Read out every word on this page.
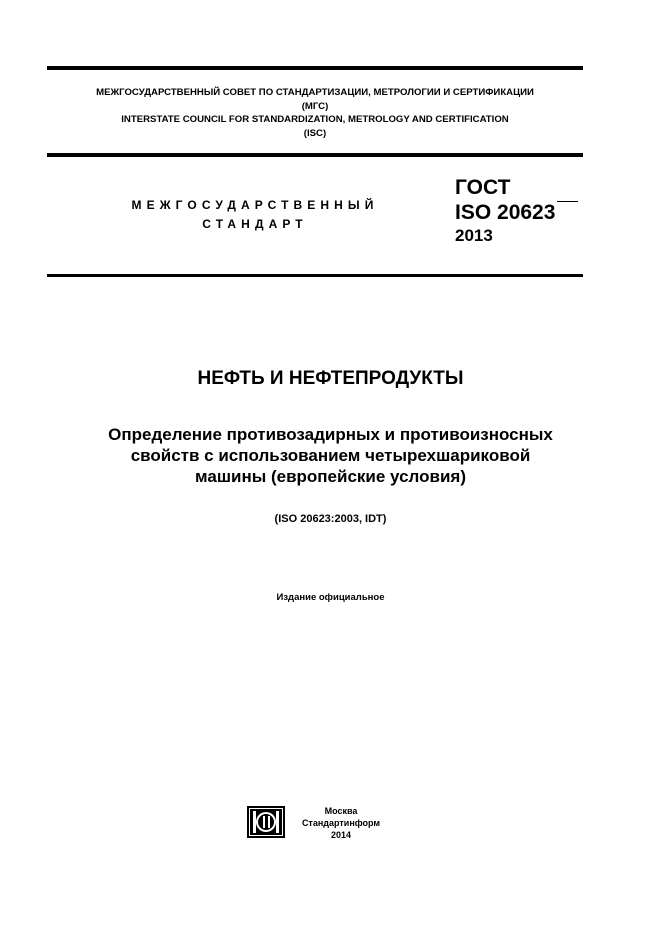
МЕЖГОСУДАРСТВЕННЫЙ СОВЕТ ПО СТАНДАРТИЗАЦИИ, МЕТРОЛОГИИ И СЕРТИФИКАЦИИ
(МГС)
INTERSTATE COUNCIL FOR STANDARDIZATION, METROLOGY AND CERTIFICATION
(ISC)
МЕЖГОСУДАРСТВЕННЫЙ
СТАНДАРТ
ГОСТ
ISO 20623
2013
НЕФТЬ И НЕФТЕПРОДУКТЫ
Определение противозадирных и противоизносных
свойств с использованием четырехшариковой
машины (европейские условия)
(ISO 20623:2003, IDT)
Издание официальное
Москва
Стандартинформ
2014
